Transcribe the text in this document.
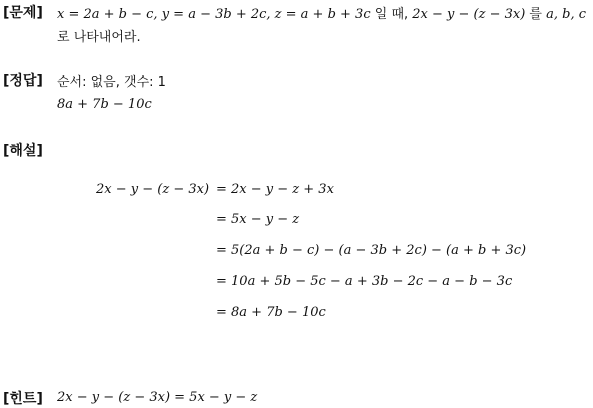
[문제] x = 2a + b − c, y = a − 3b + 2c, z = a + b + 3c 일 때, 2x − y − (z − 3x) 를 a, b, c
로 나타내어라.
[정답] 순서: 없음, 갯수: 1
8a + 7b − 10c
[해설]
2x − y − (z − 3x) = 2x − y − z + 3x
= 5x − y − z
= 5(2a + b − c) − (a − 3b + 2c) − (a + b + 3c)
= 10a + 5b − 5c − a + 3b − 2c − a − b − 3c
= 8a + 7b − 10c
[힌트] 2x − y − (z − 3x) = 5x − y − z
